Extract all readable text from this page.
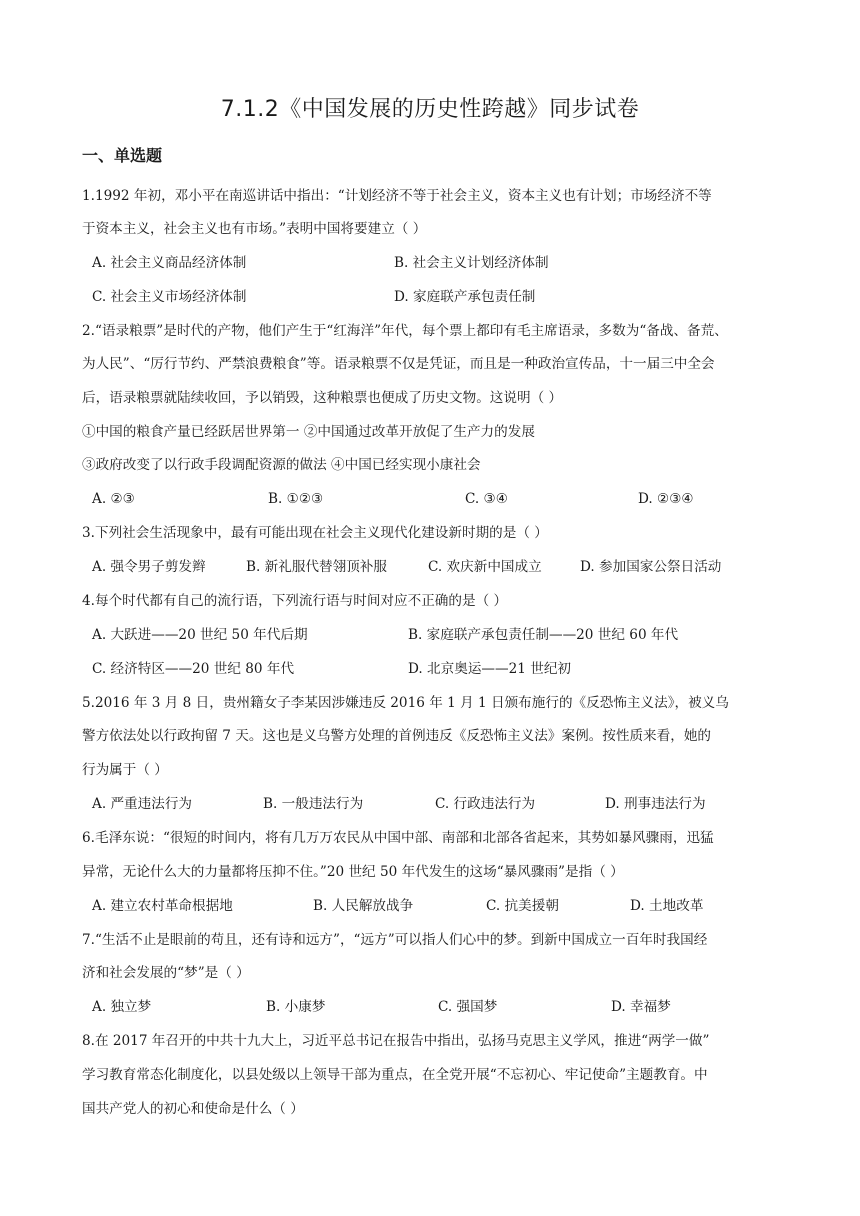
7.1.2《中国发展的历史性跨越》同步试卷
一、单选题
1.1992 年初，邓小平在南巡讲话中指出：“计划经济不等于社会主义，资本主义也有计划；市场经济不等
于资本主义，社会主义也有市场。”表明中国将要建立（ ）
A. 社会主义商品经济体制	B. 社会主义计划经济体制
C. 社会主义市场经济体制	D. 家庭联产承包责任制
2.“语录粮票”是时代的产物，他们产生于“红海洋”年代，每个票上都印有毛主席语录，多数为“备战、备荒、
为人民”、“厉行节约、严禁浪费粮食”等。语录粮票不仅是凭证，而且是一种政治宣传品，十一届三中全会
后，语录粮票就陆续收回，予以销毁，这种粮票也便成了历史文物。这说明（ ）
①中国的粮食产量已经跃居世界第一 ②中国通过改革开放促了生产力的发展
③政府改变了以行政手段调配资源的做法 ④中国已经实现小康社会
A. ②③	B. ①②③	C. ③④	D. ②③④
3.下列社会生活现象中，最有可能出现在社会主义现代化建设新时期的是（ ）
A. 强令男子剪发辫	B. 新礼服代替翎顶补服	C. 欢庆新中国成立	D. 参加国家公祭日活动
4.每个时代都有自己的流行语，下列流行语与时间对应不正确的是（ ）
A. 大跃进——20 世纪 50 年代后期	B. 家庭联产承包责任制——20 世纪 60 年代
C. 经济特区——20 世纪 80 年代	D. 北京奥运——21 世纪初
5.2016 年 3 月 8 日，贵州籍女子李某因涉嫌违反 2016 年 1 月 1 日颁布施行的《反恐怖主义法》，被义乌
警方依法处以行政拘留 7 天。这也是义乌警方处理的首例违反《反恐怖主义法》案例。按性质来看，她的
行为属于（ ）
A. 严重违法行为	B. 一般违法行为	C. 行政违法行为	D. 刑事违法行为
6.毛泽东说：“很短的时间内，将有几万万农民从中国中部、南部和北部各省起来，其势如暴风骤雨，迅猛
异常，无论什么大的力量都将压抑不住。”20 世纪 50 年代发生的这场“暴风骤雨”是指（ ）
A. 建立农村革命根据地	B. 人民解放战争	C. 抗美援朝	D. 土地改革
7.“生活不止是眼前的苟且，还有诗和远方”，“远方”可以指人们心中的梦。到新中国成立一百年时我国经
济和社会发展的“梦”是（ ）
A. 独立梦	B. 小康梦	C. 强国梦	D. 幸福梦
8.在 2017 年召开的中共十九大上，习近平总书记在报告中指出，弘扬马克思主义学风，推进“两学一做”
学习教育常态化制度化，以县处级以上领导干部为重点，在全党开展“不忘初心、牢记使命”主题教育。中
国共产党人的初心和使命是什么（ ）
